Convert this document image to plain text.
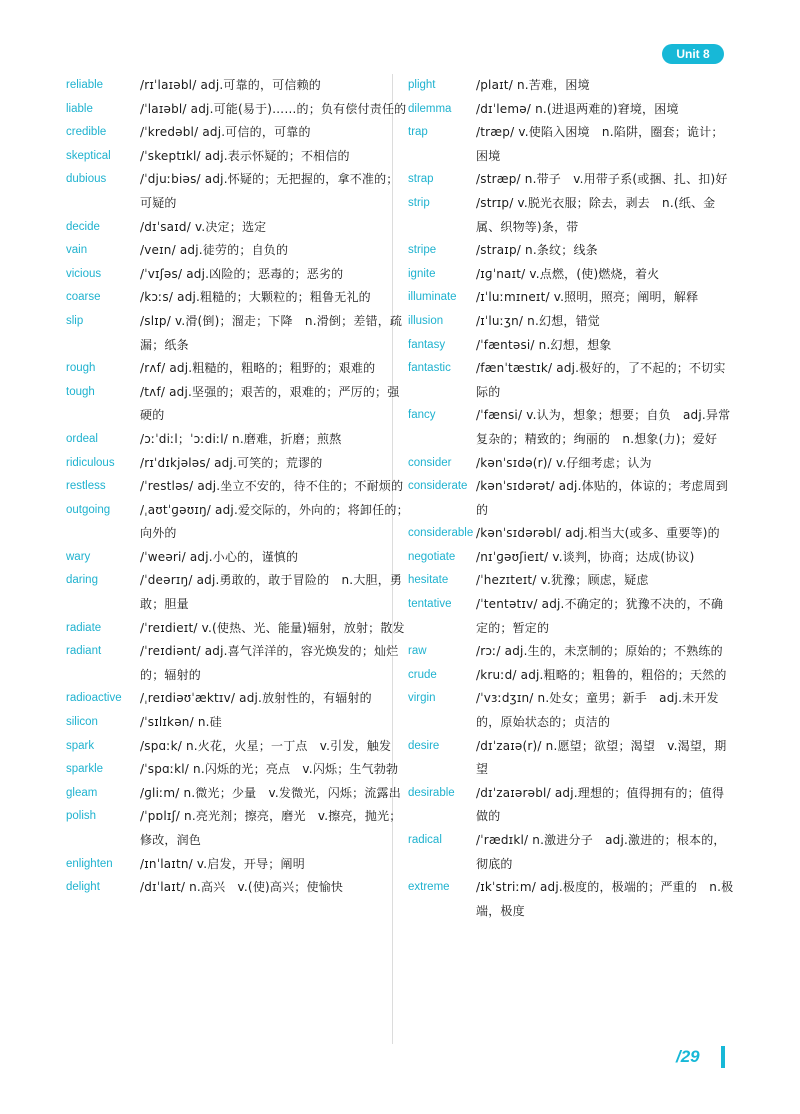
Unit 8
reliable	/rɪˈlaɪəbl/ adj.可靠的，可信赖的
liable	/ˈlaɪəbl/ adj.可能(易于)……的；负有偿付责任的
credible	/ˈkredəbl/ adj.可信的，可靠的
skeptical	/ˈskeptɪkl/ adj.表示怀疑的；不相信的
dubious	/ˈdjuːbiəs/ adj.怀疑的；无把握的，拿不准的；可疑的
decide	/dɪˈsaɪd/ v.决定；选定
vain	/veɪn/ adj.徒劳的；自负的
vicious	/ˈvɪʃəs/ adj.凶险的；恶毒的；恶劣的
coarse	/kɔːs/ adj.粗糙的；大颗粒的；粗鲁无礼的
slip	/slɪp/ v.滑(倒)；溜走；下降　n.滑倒；差错，疏漏；纸条
rough	/rʌf/ adj.粗糙的，粗略的；粗野的；艰难的
tough	/tʌf/ adj.坚强的；艰苦的，艰难的；严厉的；强硬的
ordeal	/ɔːˈdiːl；ˈɔːdiːl/ n.磨难，折磨；煎熬
ridiculous	/rɪˈdɪkjələs/ adj.可笑的；荒谬的
restless	/ˈrestləs/ adj.坐立不安的，待不住的；不耐烦的
outgoing	/ˌaʊtˈɡəʊɪŋ/ adj.爱交际的，外向的；将卸任的；向外的
wary	/ˈweəri/ adj.小心的，谨慎的
daring	/ˈdeərɪŋ/ adj.勇敢的，敢于冒险的　n.大胆，勇敢；胆量
radiate	/ˈreɪdieɪt/ v.(使热、光、能量)辐射，放射；散发
radiant	/ˈreɪdiənt/ adj.喜气洋洋的，容光焕发的；灿烂的；辐射的
radioactive	/ˌreɪdiəʊˈæktɪv/ adj.放射性的，有辐射的
silicon	/ˈsɪlɪkən/ n.硅
spark	/spɑːk/ n.火花，火星；一丁点　v.引发，触发
sparkle	/ˈspɑːkl/ n.闪烁的光；亮点　v.闪烁；生气勃勃
gleam	/ɡliːm/ n.微光；少量　v.发微光，闪烁；流露出
polish	/ˈpɒlɪʃ/ n.亮光剂；擦亮，磨光　v.擦亮，抛光；修改，润色
enlighten	/ɪnˈlaɪtn/ v.启发，开导；阐明
delight	/dɪˈlaɪt/ n.高兴　v.(使)高兴；使愉快
plight	/plaɪt/ n.苦难，困境
dilemma	/dɪˈlemə/ n.(进退两难的)窘境，困境
trap	/træp/ v.使陷入困境　n.陷阱，圈套；诡计；困境
strap	/stræp/ n.带子　v.用带子系(或捆、扎、扣)好
strip	/strɪp/ v.脱光衣服；除去，剥去　n.(纸、金属、织物等)条，带
stripe	/straɪp/ n.条纹；线条
ignite	/ɪɡˈnaɪt/ v.点燃，(使)燃烧，着火
illuminate	/ɪˈluːmɪneɪt/ v.照明，照亮；阐明，解释
illusion	/ɪˈluːʒn/ n.幻想，错觉
fantasy	/ˈfæntəsi/ n.幻想，想象
fantastic	/fænˈtæstɪk/ adj.极好的，了不起的；不切实际的
fancy	/ˈfænsi/ v.认为，想象；想要；自负　adj.异常复杂的；精致的；绚丽的　n.想象(力)；爱好
consider	/kənˈsɪdə(r)/ v.仔细考虑；认为
considerate /kənˈsɪdərət/ adj.体贴的，体谅的；考虑周到的
considerable /kənˈsɪdərəbl/ adj.相当大(或多、重要等)的
negotiate	/nɪˈɡəʊʃieɪt/ v.谈判，协商；达成(协议)
hesitate	/ˈhezɪteɪt/ v.犹豫；顾虑，疑虑
tentative	/ˈtentətɪv/ adj.不确定的；犹豫不决的，不确定的；暂定的
raw	/rɔː/ adj.生的，未烹制的；原始的；不熟练的
crude	/kruːd/ adj.粗略的；粗鲁的，粗俗的；天然的
virgin	/ˈvɜːdʒɪn/ n.处女；童男；新手　adj.未开发的，原始状态的；贞洁的
desire	/dɪˈzaɪə(r)/ n.愿望；欲望；渴望　v.渴望，期望
desirable	/dɪˈzaɪərəbl/ adj.理想的；值得拥有的；值得做的
radical	/ˈrædɪkl/ n.激进分子　adj.激进的；根本的，彻底的
extreme	/ɪkˈstriːm/ adj.极度的，极端的；严重的　n.极端，极度
/29
